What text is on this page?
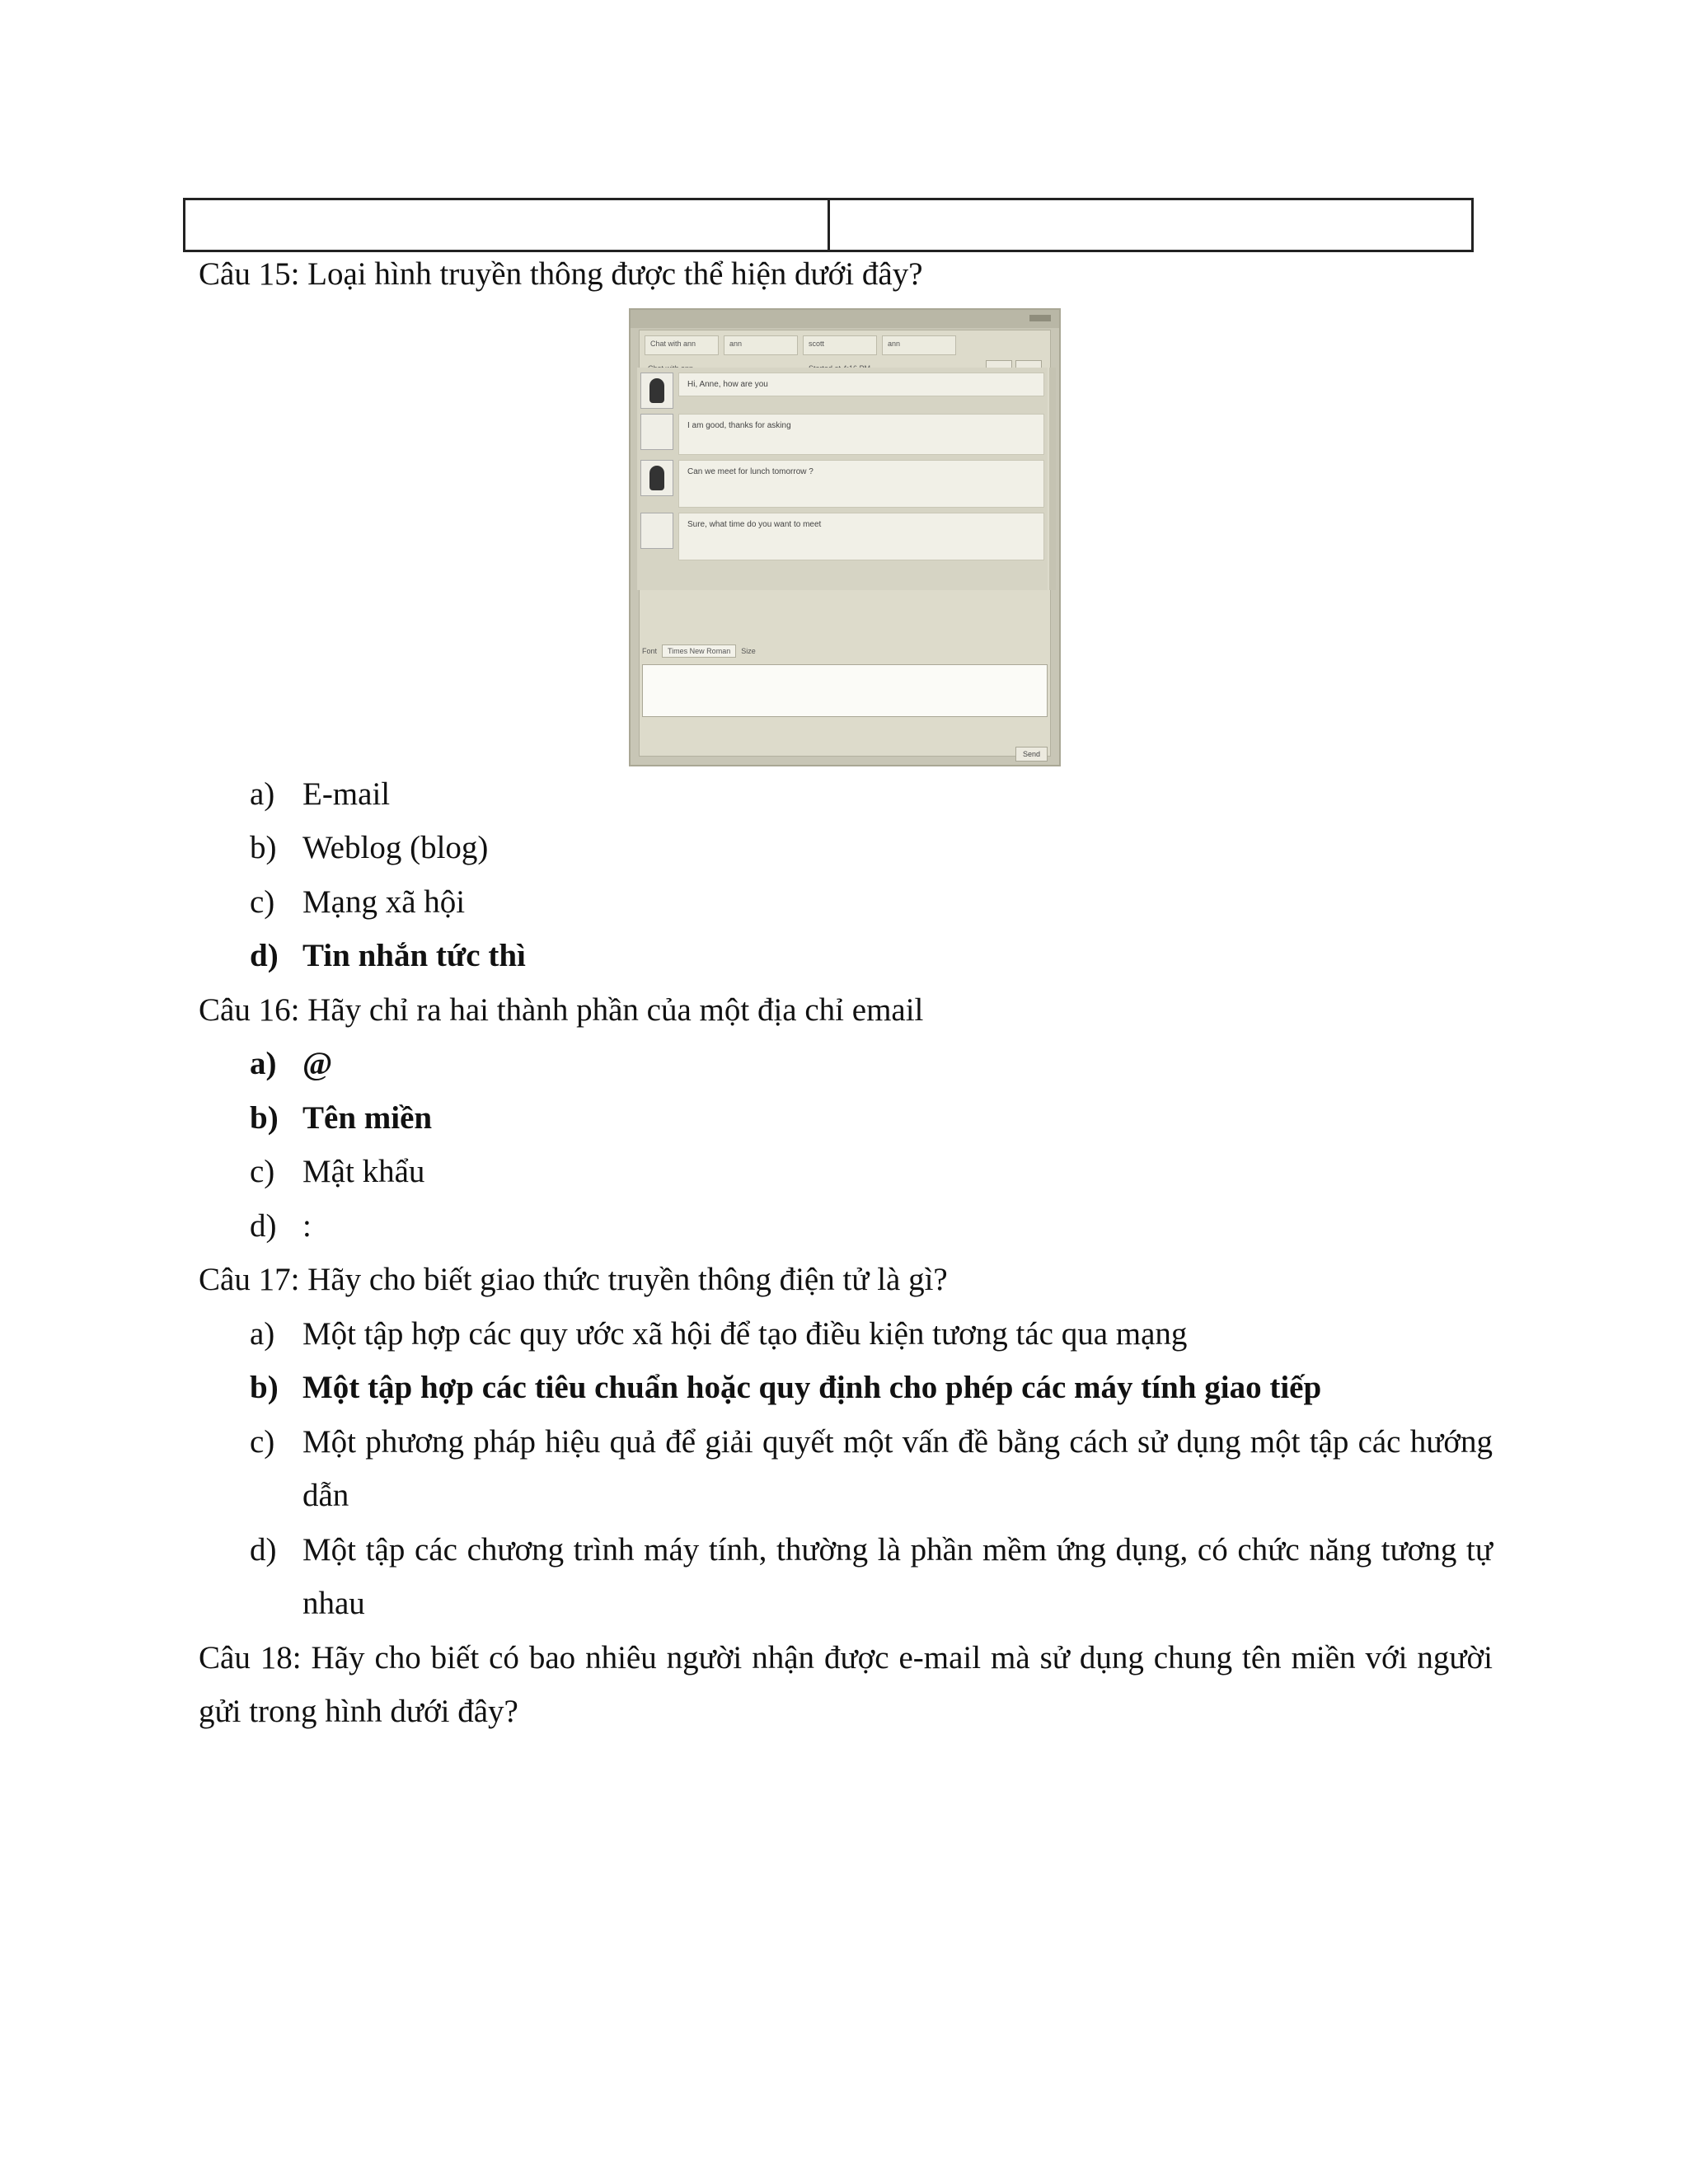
Câu 15: Loại hình truyền thông được thể hiện dưới đây?
Chat with ann	ann	scott	ann
Hi, Anne, how are you
I am good, thanks for asking
Can we meet for lunch tomorrow ?
Sure, what time do you want to meet
Font	Times New Roman	Size
Send
a) E-mail
b) Weblog (blog)
c) Mạng xã hội
d) Tin nhắn tức thì
Câu 16: Hãy chỉ ra hai thành phần của một địa chỉ email
a) @
b) Tên miền
c) Mật khẩu
d) :
Câu 17: Hãy cho biết giao thức truyền thông điện tử là gì?
a) Một tập hợp các quy ước xã hội để tạo điều kiện tương tác qua mạng
b) Một tập hợp các tiêu chuẩn hoặc quy định cho phép các máy tính giao tiếp
c) Một phương pháp hiệu quả để giải quyết một vấn đề bằng cách sử dụng một tập các hướng dẫn
d) Một tập các chương trình máy tính, thường là phần mềm ứng dụng, có chức năng tương tự nhau
Câu 18: Hãy cho biết có bao nhiêu người nhận được e-mail mà sử dụng chung tên miền với người gửi trong hình dưới đây?
